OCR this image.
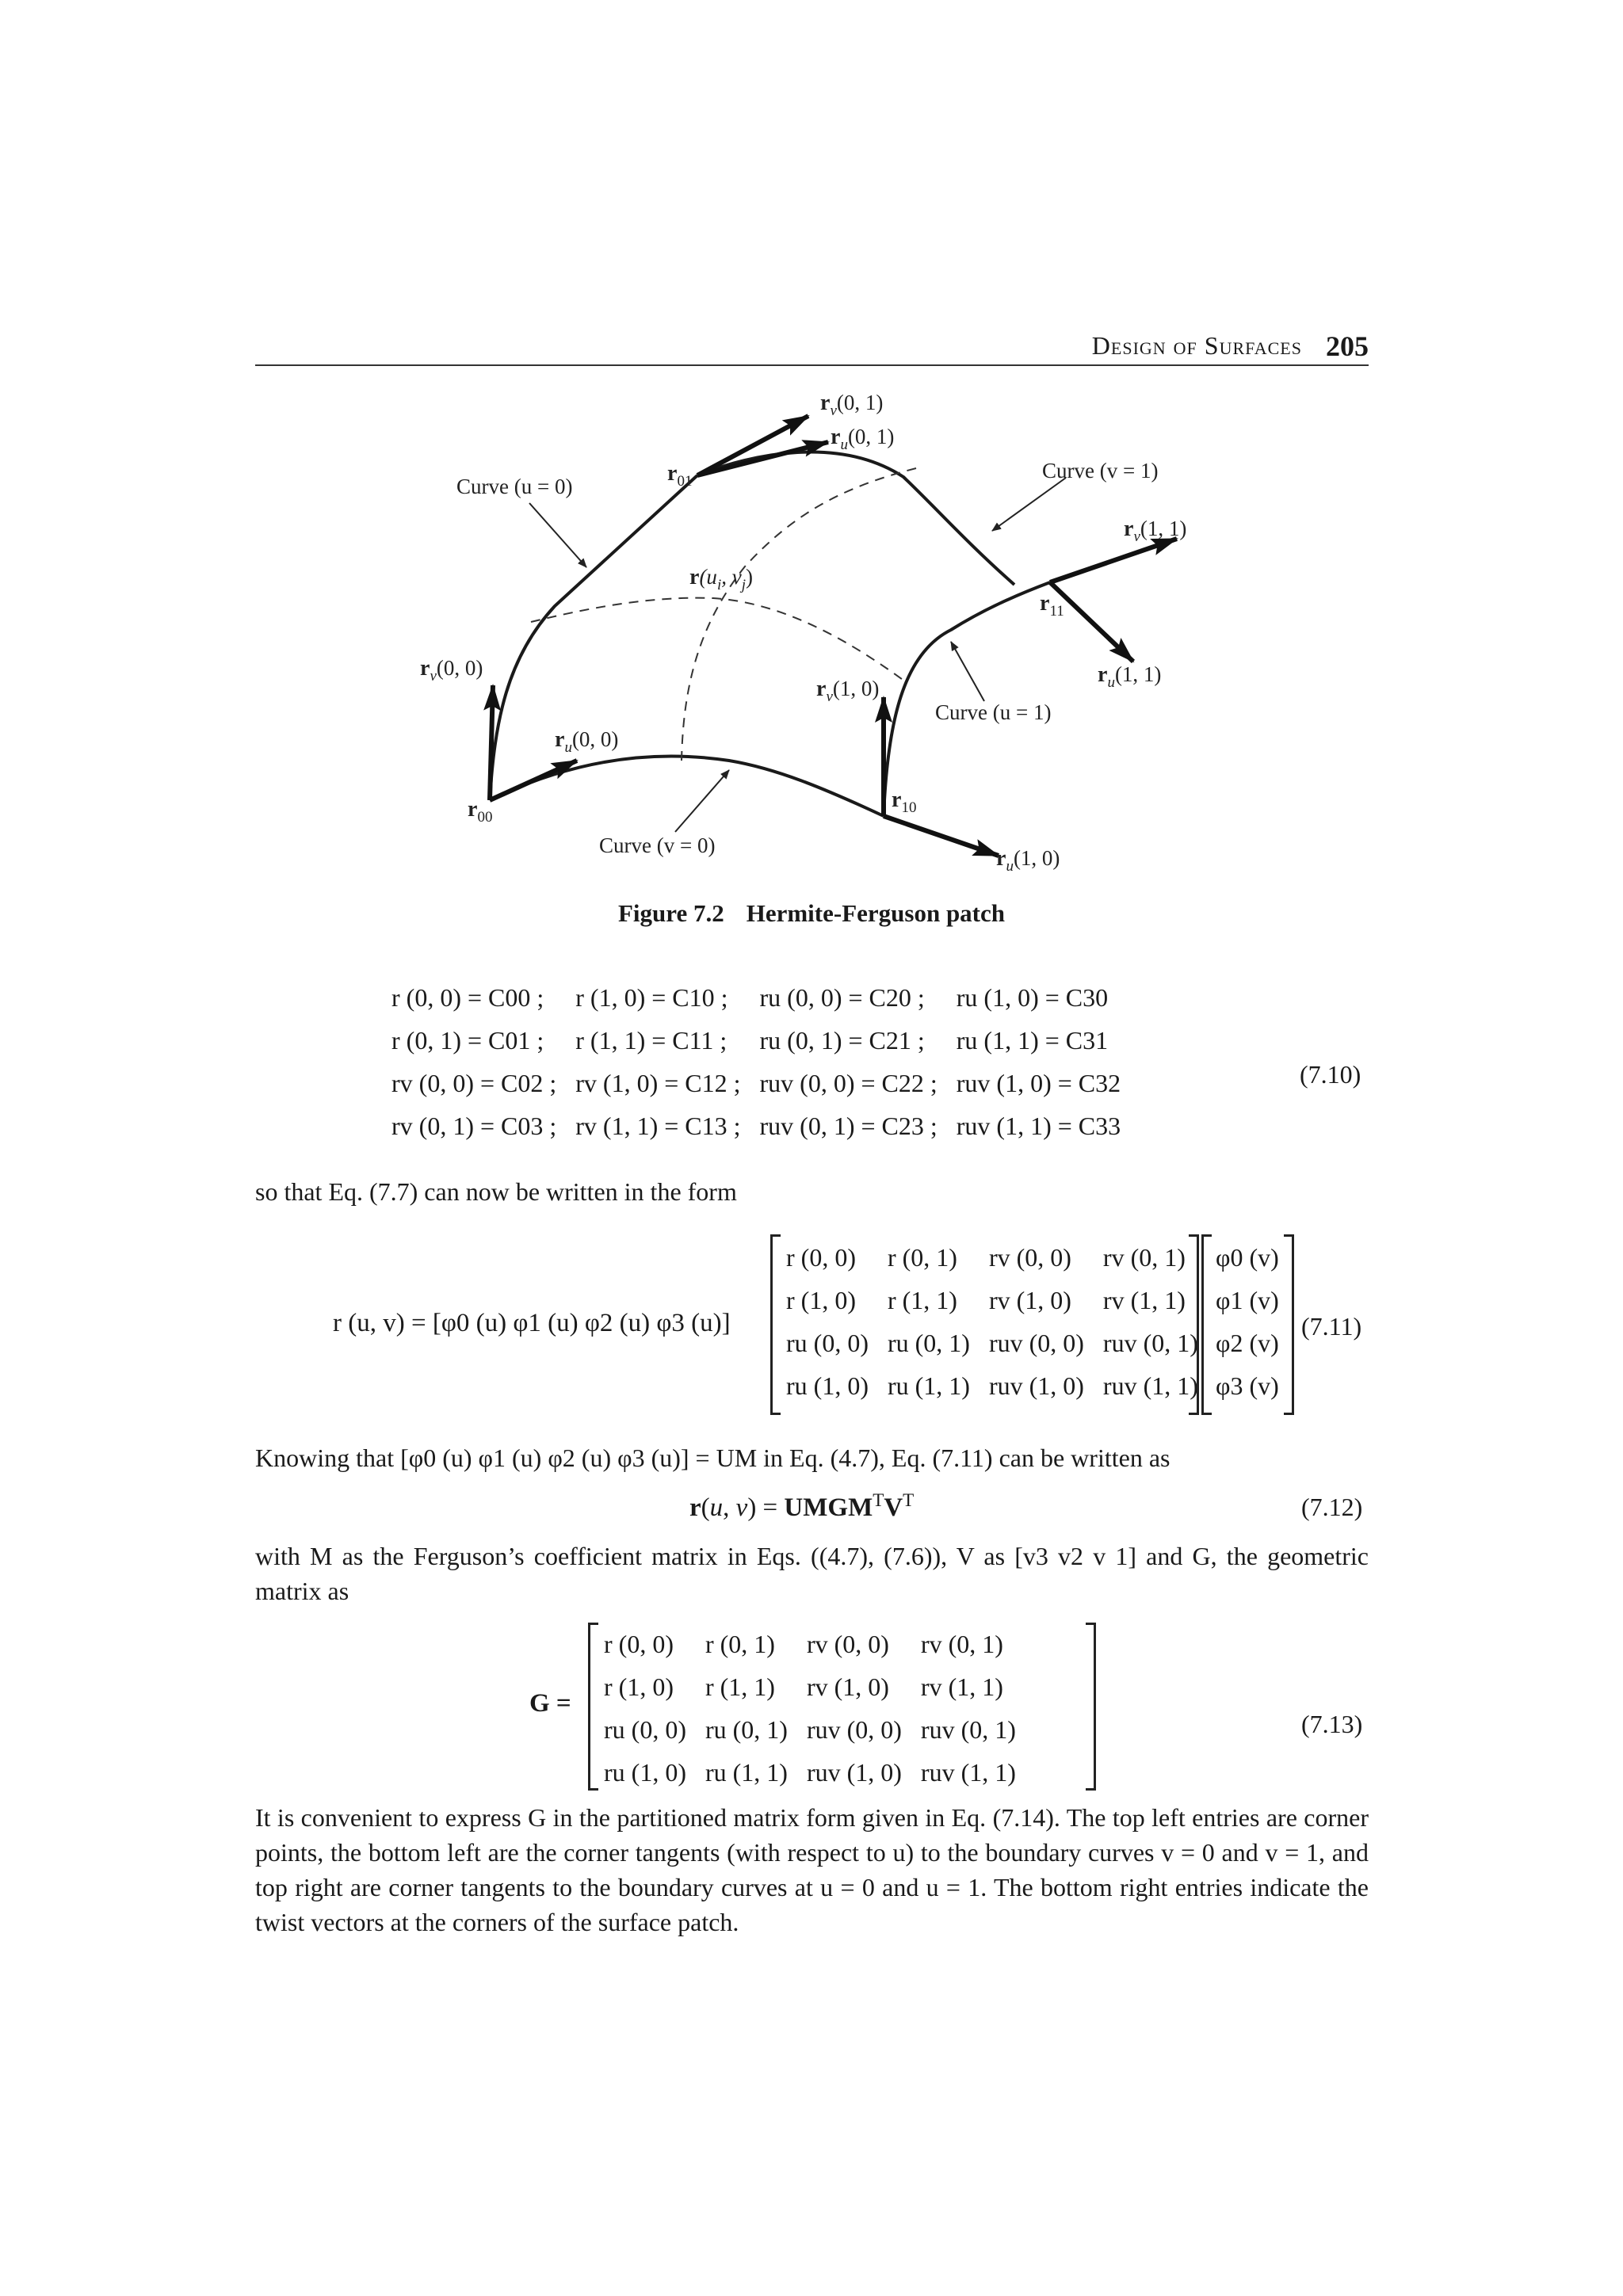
Design of Surfaces 205
$r_v(0$, 1)
$r_u(0$, 1)
$r_{01}$
Curve (u = 0)
Curve (v = 1)
$r_v(1$, 1)
$r(u_i$, $v_j$)
$r_{11}$
$r_v(0$, 0)
$r_v(1$, 0)
$r_u(1$, 1)
Curve (u = 1)
$r_u(0$, 0)
$r_{10}$
$r_{00}$
Curve (v = 0)
$r_u(1$, 0)
Figure 7.2 Hermite-Ferguson patch
r (0, 0) = C00 ;	r (1, 0) = C10 ;	ru (0, 0) = C20 ;	ru (1, 0) = C30
r (0, 1) = C01 ;	r (1, 1) = C11 ;	ru (0, 1) = C21 ;	ru (1, 1) = C31
rv (0, 0) = C02 ;	rv (1, 0) = C12 ;	ruv (0, 0) = C22 ;	ruv (1, 0) = C32
rv (0, 1) = C03 ;	rv (1, 1) = C13 ;	ruv (0, 1) = C23 ;	ruv (1, 1) = C33
(7.10)
so that Eq. (7.7) can now be written in the form
r (u, v) = [φ0 (u) φ1 (u) φ2 (u) φ3 (u)]
r (0, 0)	r (0, 1)	rv (0, 0)	rv (0, 1)
r (1, 0)	r (1, 1)	rv (1, 0)	rv (1, 1)
ru (0, 0)	ru (0, 1)	ruv (0, 0)	ruv (0, 1)
ru (1, 0)	ru (1, 1)	ruv (1, 0)	ruv (1, 1)
φ0 (v)
φ1 (v)
φ2 (v)
φ3 (v)
(7.11)
Knowing that [φ0 (u) φ1 (u) φ2 (u) φ3 (u)] = UM in Eq. (4.7), Eq. (7.11) can be written as
r(u, $v) = UMGM^TV^T$	(7.12)
with M as the Ferguson’s coefficient matrix in Eqs. ((4.7), (7.6)), V as [v3 v2 v 1] and G, the geometric matrix as
G =
r (0, 0)	r (0, 1)	rv (0, 0)	rv (0, 1)
r (1, 0)	r (1, 1)	rv (1, 0)	rv (1, 1)
ru (0, 0)	ru (0, 1)	ruv (0, 0)	ruv (0, 1)
ru (1, 0)	ru (1, 1)	ruv (1, 0)	ruv (1, 1)
(7.13)
It is convenient to express G in the partitioned matrix form given in Eq. (7.14). The top left entries are corner points, the bottom left are the corner tangents (with respect to u) to the boundary curves v = 0 and v = 1, and top right are corner tangents to the boundary curves at u = 0 and u = 1. The bottom right entries indicate the twist vectors at the corners of the surface patch.
